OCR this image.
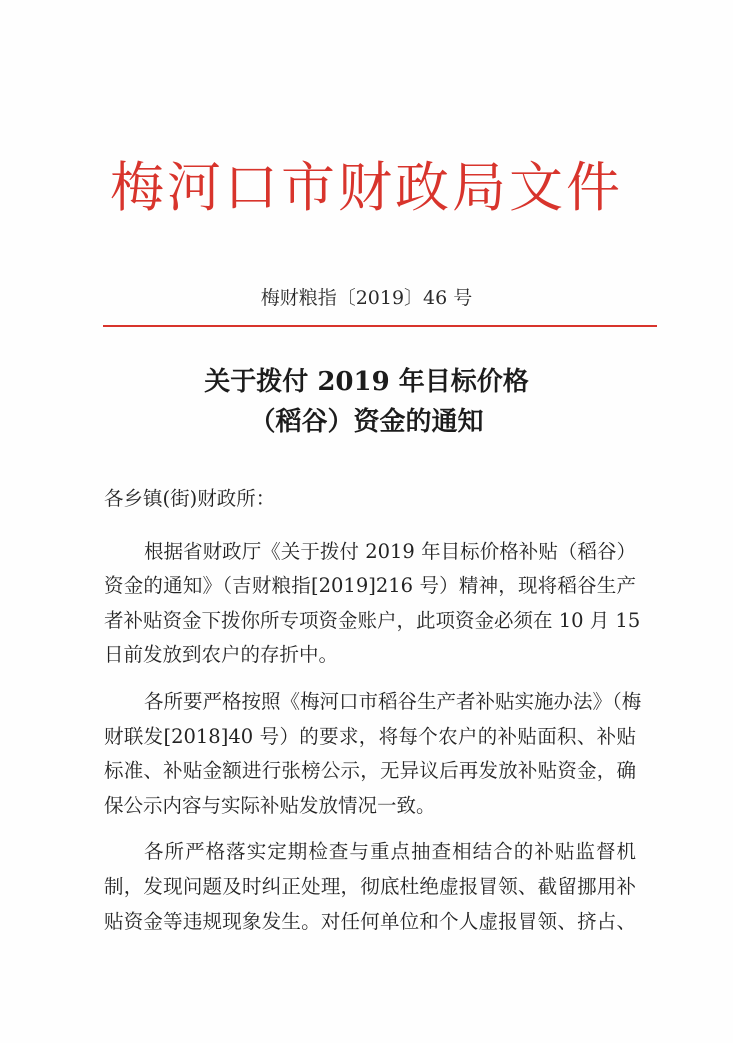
梅河口市财政局文件
梅财粮指〔2019〕46 号
关于拨付 2019 年目标价格
（稻谷）资金的通知
各乡镇(街)财政所：
根据省财政厅《关于拨付 2019 年目标价格补贴（稻谷）
资金的通知》（吉财粮指[2019]216 号）精神，现将稻谷生产
者补贴资金下拨你所专项资金账户，此项资金必须在 10 月 15
日前发放到农户的存折中。
各所要严格按照《梅河口市稻谷生产者补贴实施办法》（梅
财联发[2018]40 号）的要求，将每个农户的补贴面积、补贴
标准、补贴金额进行张榜公示，无异议后再发放补贴资金，确
保公示内容与实际补贴发放情况一致。
各所严格落实定期检查与重点抽查相结合的补贴监督机
制，发现问题及时纠正处理，彻底杜绝虚报冒领、截留挪用补
贴资金等违规现象发生。对任何单位和个人虚报冒领、挤占、
